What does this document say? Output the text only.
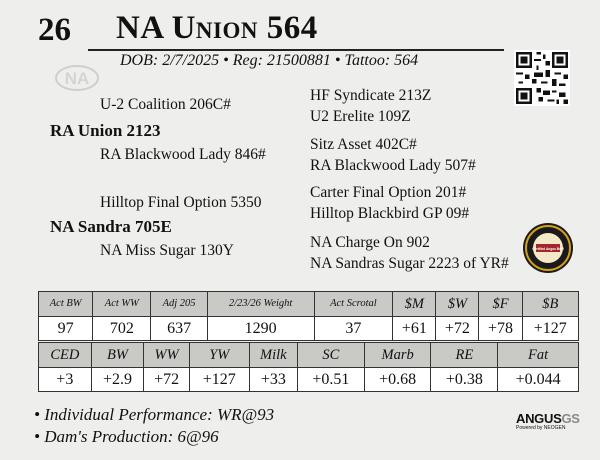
26 NA Union 564
NA
DOB: 2/7/2025 • Reg: 21500881 • Tattoo: 564
U-2 Coalition 206C#
RA Union 2123
RA Blackwood Lady 846#
Hilltop Final Option 5350
NA Sandra 705E
NA Miss Sugar 130Y
HF Syndicate 213Z
U2 Erelite 109Z
Sitz Asset 402C#
RA Blackwood Lady 507#
Carter Final Option 201#
Hilltop Blackbird GP 09#
NA Charge On 902
NA Sandras Sugar 2223 of YR#
Certified Angus Beef
Act BW	Act WW	Adj 205	2/23/26 Weight	Act Scrotal	$M	$W	$F	$B
97	702	637	1290	37	+61	+72	+78	+127
CED	BW	WW	YW	Milk	SC	Marb	RE	Fat
+3	+2.9	+72	+127	+33	+0.51	+0.68	+0.38	+0.044
• Individual Performance: WR@93
• Dam's Production: 6@96
ANGUSGS
Powered by NEOGEN
